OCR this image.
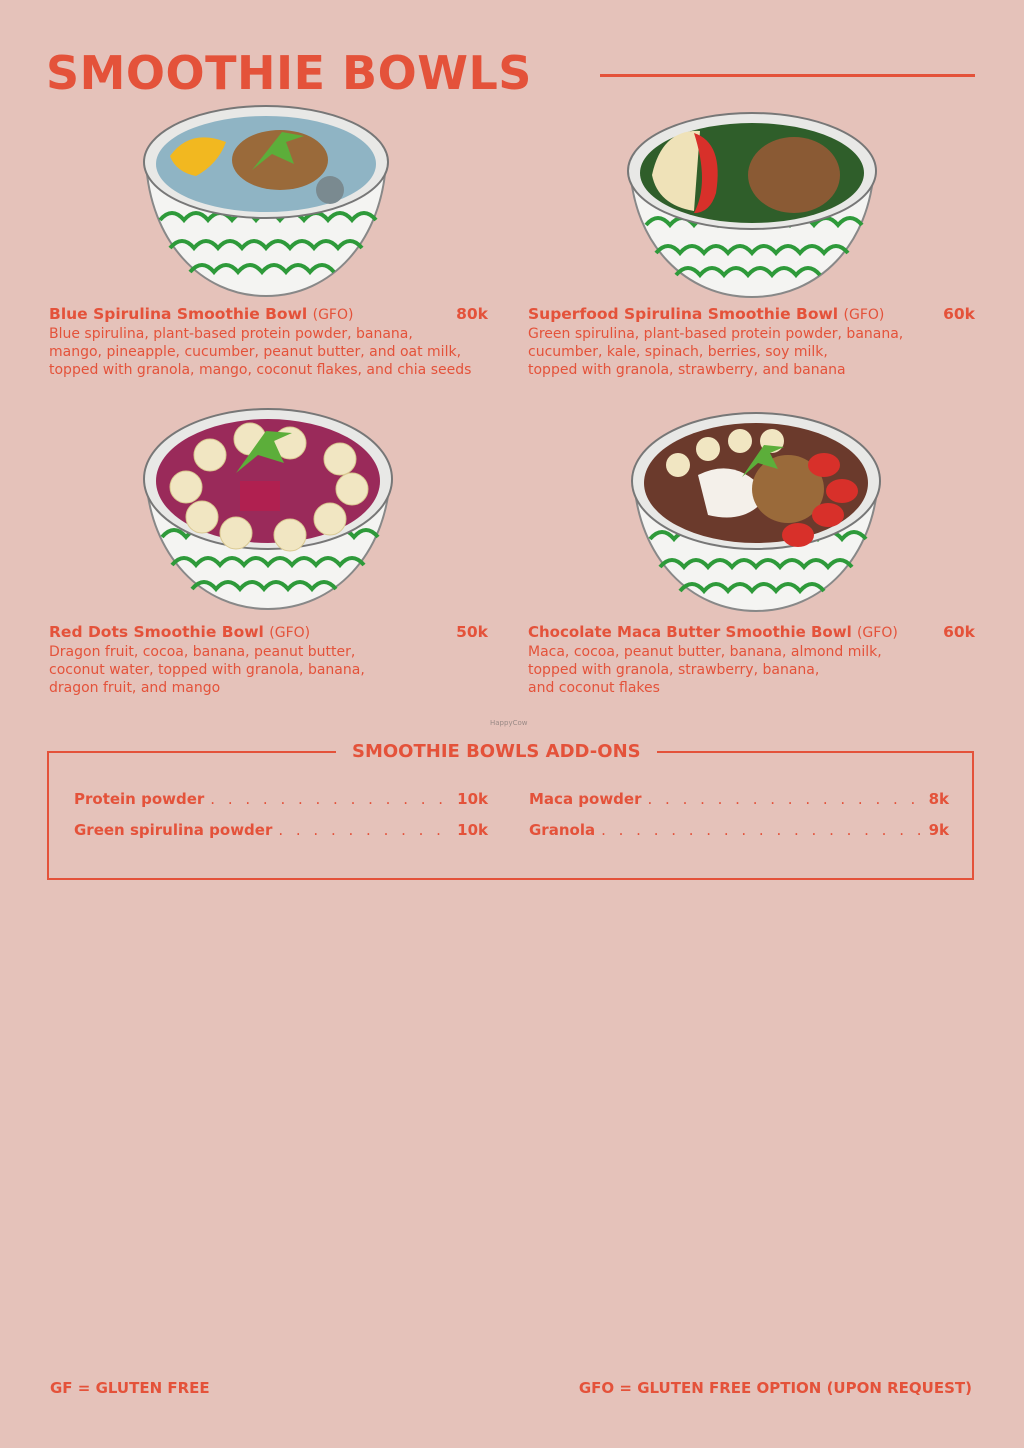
SMOOTHIE BOWLS
Blue Spirulina Smoothie Bowl (GFO)	80k
Blue spirulina, plant-based protein powder, banana,
mango, pineapple, cucumber, peanut butter, and oat milk,
topped with granola, mango, coconut flakes, and chia seeds
Superfood Spirulina Smoothie Bowl (GFO)	60k
Green spirulina, plant-based protein powder, banana,
cucumber, kale, spinach, berries, soy milk,
topped with granola, strawberry, and banana
Red Dots Smoothie Bowl (GFO)	50k
Dragon fruit, cocoa, banana, peanut butter,
coconut water, topped with granola, banana,
dragon fruit, and mango
Chocolate Maca Butter Smoothie Bowl (GFO)	60k
Maca, cocoa, peanut butter, banana, almond milk,
topped with granola, strawberry, banana,
and coconut flakes
HappyCow
SMOOTHIE BOWLS ADD-ONS
Protein powder . . .	10k
Green spirulina powder . . .	10k
Maca powder . . .	8k
Granola . . .	9k
GF = GLUTEN FREE	GFO = GLUTEN FREE OPTION (UPON REQUEST)
